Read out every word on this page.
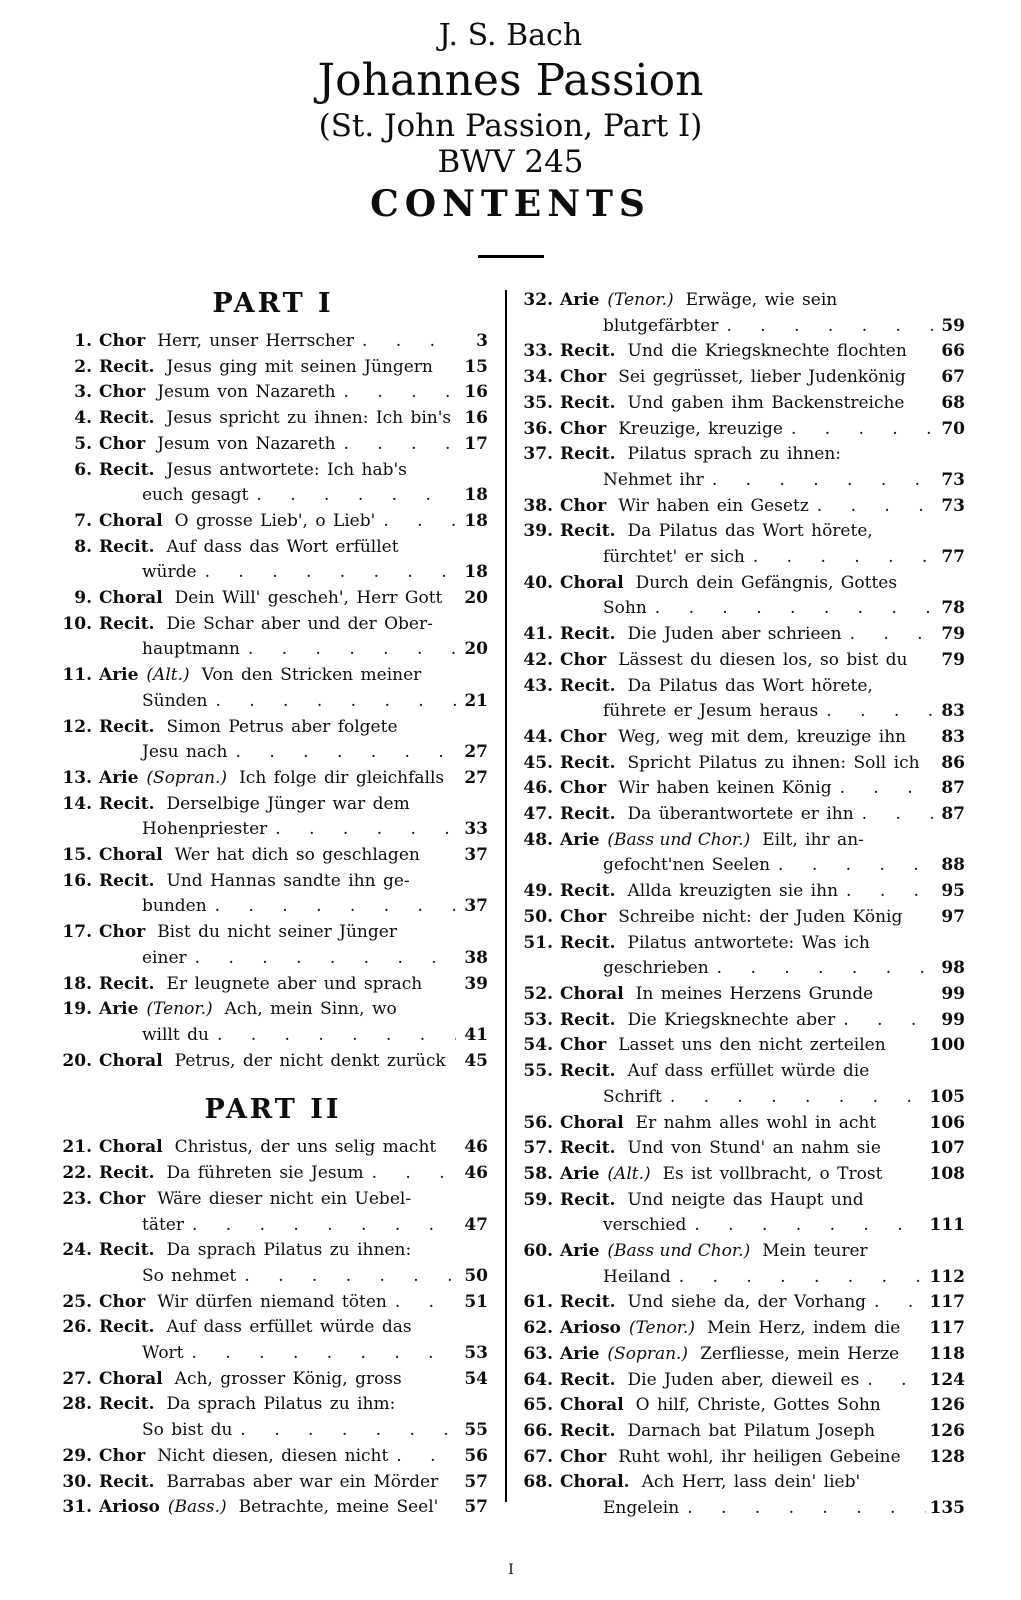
J. S. Bach
Johannes Passion
(St. John Passion, Part I)
BWV 245
CONTENTS
PART I
1. Chor Herr, unser Herrscher . . .	3
2. Recit. Jesus ging mit seinen Jüngern 15
3. Chor Jesum von Nazareth . . .	16
4. Recit. Jesus spricht zu ihnen: Ich bin's 16
5. Chor Jesum von Nazareth . . .	17
6. Recit. Jesus antwortete: Ich hab's
euch gesagt . . .	18
7. Choral O grosse Lieb', o Lieb' . . .	18
8. Recit. Auf dass das Wort erfüllet
würde . . .	18
9. Choral Dein Will' gescheh', Herr Gott 20
10. Recit. Die Schar aber und der Ober-
hauptmann . . .	20
11. Arie (Alt.) Von den Stricken meiner
Sünden . . .	21
12. Recit. Simon Petrus aber folgete
Jesu nach . . .	27
13. Arie (Sopran.) Ich folge dir gleichfalls 27
14. Recit. Derselbige Jünger war dem
Hohenpriester . . .	33
15. Choral Wer hat dich so geschlagen	37
16. Recit. Und Hannas sandte ihn ge-
bunden . . .	37
17. Chor Bist du nicht seiner Jünger
einer . . .	38
18. Recit. Er leugnete aber und sprach 39
19. Arie (Tenor.) Ach, mein Sinn, wo
willt du . . .	41
20. Choral Petrus, der nicht denkt zurück 45
PART II
21. Choral Christus, der uns selig macht 46
22. Recit. Da führeten sie Jesum . . .	46
23. Chor Wäre dieser nicht ein Uebel-
täter . . .	47
24. Recit. Da sprach Pilatus zu ihnen:
So nehmet . . .	50
25. Chor Wir dürfen niemand töten . . .	51
26. Recit. Auf dass erfüllet würde das
Wort . . .	53
27. Choral Ach, grosser König, gross	54
28. Recit. Da sprach Pilatus zu ihm:
So bist du . . .	55
29. Chor Nicht diesen, diesen nicht . . .	56
30. Recit. Barrabas aber war ein Mörder 57
31. Arioso (Bass.) Betrachte, meine Seel' 57
32. Arie (Tenor.) Erwäge, wie sein
blutgefärbter . . .	59
33. Recit. Und die Kriegsknechte flochten 66
34. Chor Sei gegrüsset, lieber Judenkönig 67
35. Recit. Und gaben ihm Backenstreiche 68
36. Chor Kreuzige, kreuzige . . .	70
37. Recit. Pilatus sprach zu ihnen:
Nehmet ihr . . .	73
38. Chor Wir haben ein Gesetz . . .	73
39. Recit. Da Pilatus das Wort hörete,
fürchtet' er sich . . .	77
40. Choral Durch dein Gefängnis, Gottes
Sohn . . .	78
41. Recit. Die Juden aber schrieen . . .	79
42. Chor Lässest du diesen los, so bist du 79
43. Recit. Da Pilatus das Wort hörete,
führete er Jesum heraus . . .	83
44. Chor Weg, weg mit dem, kreuzige ihn 83
45. Recit. Spricht Pilatus zu ihnen: Soll ich 86
46. Chor Wir haben keinen König . . .	87
47. Recit. Da überantwortete er ihn . . .	87
48. Arie (Bass und Chor.) Eilt, ihr an-
gefocht'nen Seelen . . .	88
49. Recit. Allda kreuzigten sie ihn . . .	95
50. Chor Schreibe nicht: der Juden König 97
51. Recit. Pilatus antwortete: Was ich
geschrieben . . .	98
52. Choral In meines Herzens Grunde	99
53. Recit. Die Kriegsknechte aber . . .	99
54. Chor Lasset uns den nicht zerteilen	100
55. Recit. Auf dass erfüllet würde die
Schrift . . .	105
56. Choral Er nahm alles wohl in acht	106
57. Recit. Und von Stund' an nahm sie	107
58. Arie (Alt.) Es ist vollbracht, o Trost	108
59. Recit. Und neigte das Haupt und
verschied . . .	111
60. Arie (Bass und Chor.) Mein teurer
Heiland . . .	112
61. Recit. Und siehe da, der Vorhang . . .	117
62. Arioso (Tenor.) Mein Herz, indem die 117
63. Arie (Sopran.) Zerfliesse, mein Herze 118
64. Recit. Die Juden aber, dieweil es . . .	124
65. Choral O hilf, Christe, Gottes Sohn	126
66. Recit. Darnach bat Pilatum Joseph	126
67. Chor Ruht wohl, ihr heiligen Gebeine 128
68. Choral. Ach Herr, lass dein' lieb'
Engelein . . .	135
I
